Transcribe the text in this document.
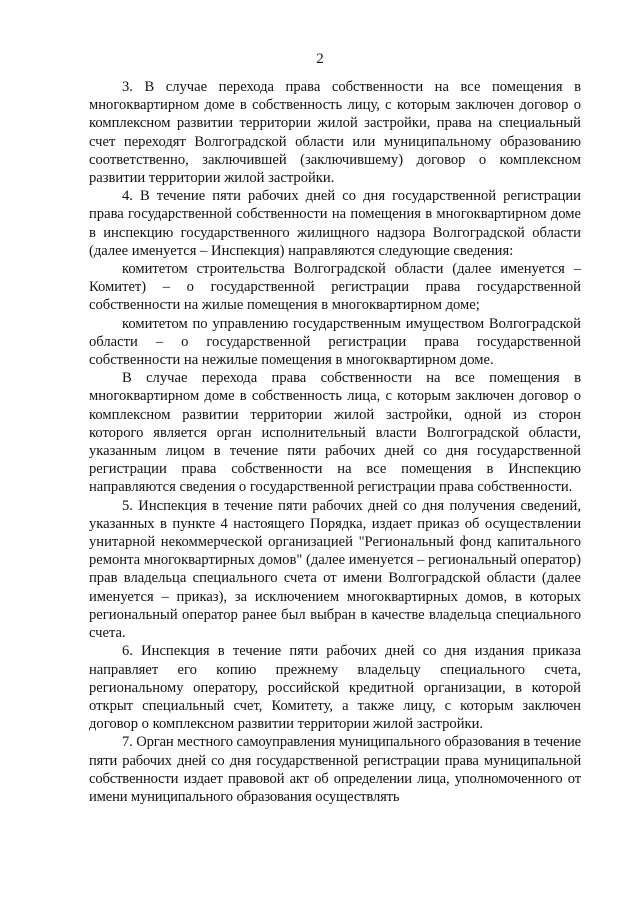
2

3. В случае перехода права собственности на все помещения в многоквартирном доме в собственность лицу, с которым заключен договор о комплексном развитии территории жилой застройки, права на специальный счет переходят Волгоградской области или муниципальному образованию соответственно, заключившей (заключившему) договор о комплексном развитии территории жилой застройки.

4. В течение пяти рабочих дней со дня государственной регистрации права государственной собственности на помещения в многоквартирном доме в инспекцию государственного жилищного надзора Волгоградской области (далее именуется – Инспекция) направляются следующие сведения:

комитетом строительства Волгоградской области (далее именуется – Комитет) – о государственной регистрации права государственной собственности на жилые помещения в многоквартирном доме;

комитетом по управлению государственным имуществом Волгоградской области – о государственной регистрации права государственной собственности на нежилые помещения в многоквартирном доме.

В случае перехода права собственности на все помещения в многоквартирном доме в собственность лица, с которым заключен договор о комплексном развитии территории жилой застройки, одной из сторон которого является орган исполнительный власти Волгоградской области, указанным лицом в течение пяти рабочих дней со дня государственной регистрации права собственности на все помещения в Инспекцию направляются сведения о государственной регистрации права собственности.

5. Инспекция в течение пяти рабочих дней со дня получения сведений, указанных в пункте 4 настоящего Порядка, издает приказ об осуществлении унитарной некоммерческой организацией "Региональный фонд капитального ремонта многоквартирных домов" (далее именуется – региональный оператор) прав владельца специального счета от имени Волгоградской области (далее именуется – приказ), за исключением многоквартирных домов, в которых региональный оператор ранее был выбран в качестве владельца специального счета.

6. Инспекция в течение пяти рабочих дней со дня издания приказа направляет его копию прежнему владельцу специального счета, региональному оператору, российской кредитной организации, в которой открыт специальный счет, Комитету, а также лицу, с которым заключен договор о комплексном развитии территории жилой застройки.

7. Орган местного самоуправления муниципального образования в течение пяти рабочих дней со дня государственной регистрации права муниципальной собственности издает правовой акт об определении лица, уполномоченного от имени муниципального образования осуществлять
